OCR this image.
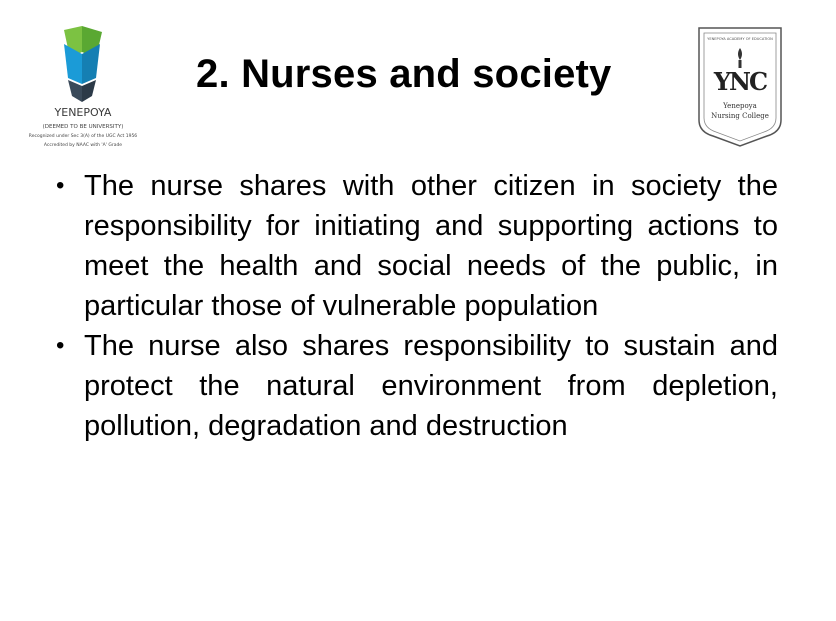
YENEPOYA
(DEEMED TO BE UNIVERSITY)
Recognized under Sec 3(A) of the UGC Act 1956
Accredited by NAAC with 'A' Grade
2. Nurses and society
YENEPOYA ACADEMY OF EDUCATION
YNC
Yenepoya
Nursing College
• The nurse shares with other citizen in society the responsibility for initiating and supporting actions to meet the health and social needs of the public, in particular those of vulnerable population
• The nurse also shares responsibility to sustain and protect the natural environment from depletion, pollution, degradation and destruction
